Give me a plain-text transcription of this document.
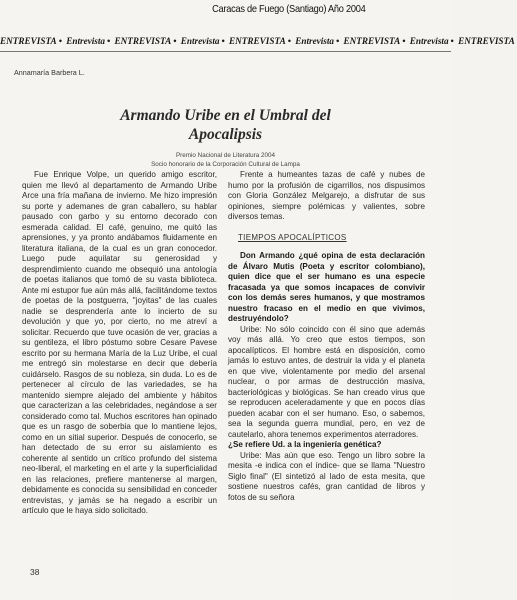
Caracas de Fuego (Santiago) Año 2004
ENTREVISTA • Entrevista • ENTREVISTA • Entrevista • ENTREVISTA • Entrevista • ENTREVISTA • Entrevista • ENTREVISTA
Annamaría Barbera L.
Armando Uribe en el Umbral del
Apocalipsis
Premio Nacional de Literatura 2004
Socio honorario de la Corporación Cultural de Lampa

Fue Enrique Volpe, un querido amigo escritor, quien me llevó al departamento de Armando Uribe Arce una fría mañana de invierno. Me hizo impresión su porte y ademanes de gran caballero, su hablar pausado con garbo y su entorno decorado con esmerada calidad. El café, genuino, me quitó las aprensiones, y ya pronto andábamos fluidamente en literatura italiana, de la cual es un gran conocedor. Luego pude aquilatar su generosidad y desprendimiento cuando me obsequió una antología de poetas italianos que tomó de su vasta biblioteca. Ante mi estupor fue aún más allá, facilitándome textos de poetas de la postguerra, "joyitas" de las cuales nadie se desprendería ante lo incierto de su devolución y que yo, por cierto, no me atreví a solicitar. Recuerdo que tuve ocasión de ver, gracias a su gentileza, el libro póstumo sobre Cesare Pavese escrito por su hermana María de la Luz Uribe, el cual me entregó sin molestarse en decir que debería cuidárselo. Rasgos de su nobleza, sin duda. Lo es de pertenecer al círculo de las variedades, se ha mantenido siempre alejado del ambiente y hábitos que caracterizan a las celebridades, negándose a ser considerado como tal. Muchos escritores han opinado que es un rasgo de soberbia que lo mantiene lejos, como en un sitial superior. Después de conocerlo, se han detectado de su error su aislamiento es coherente al sentido un crítico profundo del sistema neo-liberal, el marketing en el arte y la superficialidad en las relaciones, prefiere mantenerse al margen, debidamente es conocida su sensibilidad en conceder entrevistas, y jamás se ha negado a escribir un artículo que le haya sido solicitado.

Frente a humeantes tazas de café y nubes de humo por la profusión de cigarrillos, nos dispusimos con Gloria González Melgarejo, a disfrutar de sus opiniones, siempre polémicas y valientes, sobre diversos temas.

TIEMPOS APOCALÍPTICOS

Don Armando ¿qué opina de esta declaración de Álvaro Mutis (Poeta y escritor colombiano), quien dice que el ser humano es una especie fracasada ya que somos incapaces de convivir con los demás seres humanos, y que mostramos nuestro fracaso en el medio en que vivimos, destruyéndolo?

Uribe: No sólo coincido con él sino que además voy más allá. Yo creo que estos tiempos, son apocalípticos. El hombre está en disposición, como jamás lo estuvo antes, de destruir la vida y el planeta en que vive, violentamente por medio del arsenal nuclear, o por armas de destrucción masiva, bacteriológicas y biológicas. Se han creado virus que se reproducen aceleradamente y que en pocos días pueden acabar con el ser humano. Eso, o sabemos, sea la segunda guerra mundial, pero, en vez de cautelarlo, ahora tenemos experimentos aterradores.

¿Se refiere Ud. a la ingeniería genética?

Uribe: Mas aún que eso. Tengo un libro sobre la mesita -e indica con el índice- que se llama "Nuestro Siglo final" (El sintetizó al lado de esta mesita, que sostiene nuestros cafés, gran cantidad de libros y fotos de su señora

38
